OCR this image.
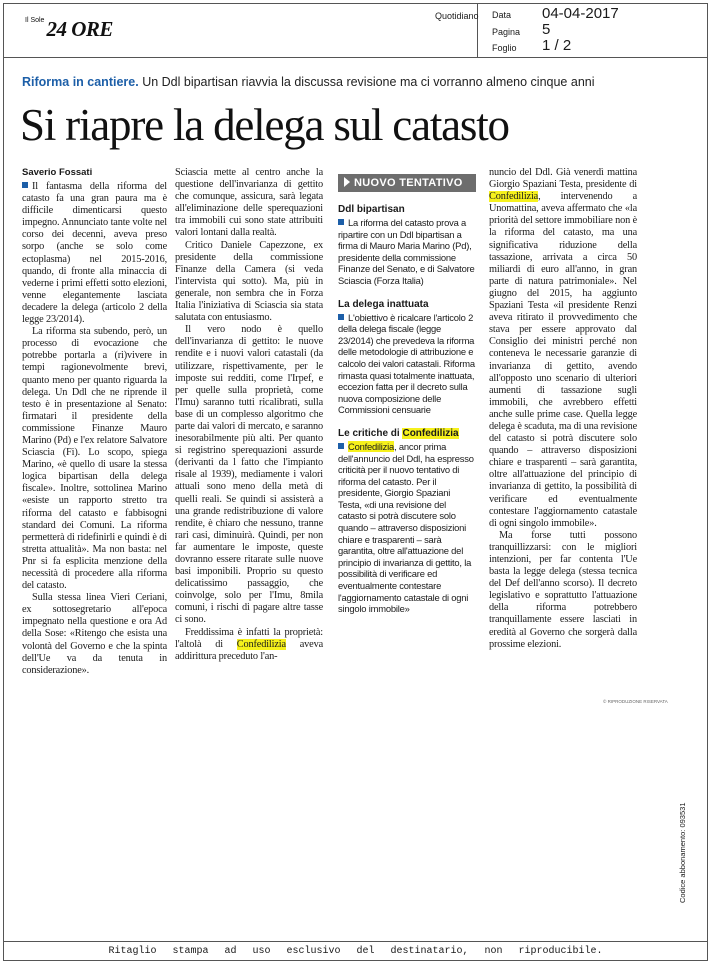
$^{Il Sole}$24 ORE
Quotidiano Data 04-04-2017
Pagina 5
Foglio 1 / 2
Riforma in cantiere. Un Ddl bipartisan riavvia la discussa revisione ma ci vorranno almeno cinque anni
Si riapre la delega sul catasto
Saverio Fossati

Il fantasma della riforma del catasto fa una gran paura ma è difficile dimenticarsi questo impegno. Annunciato tante volte nel corso dei decenni, aveva preso sorpo (anche se solo come ectoplasma) nel 2015-2016, quando, di fronte alla minaccia di vederne i primi effetti sotto elezioni, venne elegantemente lasciata decadere la delega (articolo 2 della legge 23/2014).

La riforma sta subendo, però, un processo di evocazione che potrebbe portarla a (ri)vivere in tempi ragionevolmente brevi, quanto meno per quanto riguarda la delega. Un Ddl che ne riprende il testo è in presentazione al Senato: firmatari il presidente della commissione Finanze Mauro Marino (Pd) e l'ex relatore Salvatore Sciascia (Fi). Lo scopo, spiega Marino, «è quello di usare la stessa logica bipartisan della delega fiscale». Inoltre, sottolinea Marino «esiste un rapporto stretto tra riforma del catasto e fabbisogni standard dei Comuni. La riforma permetterà di ridefinirli e quindi è di stretta attualità». Ma non basta: nel Pnr si fa esplicita menzione della necessità di procedere alla riforma del catasto.

Sulla stessa linea Vieri Ceriani, ex sottosegretario all'epoca impegnato nella questione e ora Ad della Sose: «Ritengo che esista una volontà del Governo e che la spinta dell'Ue va da tenuta in considerazione».

Sciascia mette al centro anche la questione dell'invarianza di gettito che comunque, assicura, sarà legata all'eliminazione delle sperequazioni tra immobili cui sono state attribuiti valori lontani dalla realtà.

Critico Daniele Capezzone, ex presidente della commissione Finanze della Camera (si veda l'intervista qui sotto). Ma, più in generale, non sembra che in Forza Italia l'iniziativa di Sciascia sia stata salutata con entusiasmo.

Il vero nodo è quello dell'invarianza di gettito: le nuove rendite e i nuovi valori catastali (da utilizzare, rispettivamente, per le imposte sui redditi, come l'Irpef, e per quelle sulla proprietà, come l'Imu) saranno tutti ricalibrati, sulla base di un complesso algoritmo che parte dai valori di mercato, e saranno inesorabilmente più alti. Per quanto si registrino sperequazioni assurde (derivanti da l fatto che l'impianto risale al 1939), mediamente i valori attuali sono meno della metà di quelli reali. Se quindi si assisterà a una grande redistribuzione di valore rendite, è chiaro che nessuno, tranne rari casi, diminuirà. Quindi, per non far aumentare le imposte, queste dovranno essere ritarate sulle nuove basi imponibili. Proprio su questo delicatissimo passaggio, che coinvolge, solo per l'Imu, 8mila comuni, i rischi di pagare altre tasse ci sono.

Freddissima è infatti la proprietà: l'altolà di Confedilizia aveva addirittura preceduto l'an-

NUOVO TENTATIVO
Ddl bipartisan
La riforma del catasto prova a ripartire con un Ddl bipartisan a firma di Mauro Maria Marino (Pd), presidente della commissione Finanze del Senato, e di Salvatore Sciascia (Forza Italia)
La delega inattuata
L'obiettivo è ricalcare l'articolo 2 della delega fiscale (legge 23/2014) che prevedeva la riforma delle metodologie di attribuzione e calcolo dei valori catastali. Riforma rimasta quasi totalmente inattuata, eccezion fatta per il decreto sulla nuova composizione delle Commissioni censuarie
Le critiche di Confedilizia
Confedilizia, ancor prima dell'annuncio del Ddl, ha espresso criticità per il nuovo tentativo di riforma del catasto. Per il presidente, Giorgio Spaziani Testa, «di una revisione del catasto si potrà discutere solo quando – attraverso disposizioni chiare e trasparenti – sarà garantita, oltre all'attuazione del principio di invarianza di gettito, la possibilità di verificare ed eventualmente contestare l'aggiornamento catastale di ogni singolo immobile»

nuncio del Ddl. Già venerdì mattina Giorgio Spaziani Testa, presidente di Confedilizia, intervenendo a Unomattina, aveva affermato che «la priorità del settore immobiliare non è la riforma del catasto, ma una significativa riduzione della tassazione, arrivata a circa 50 miliardi di euro all'anno, in gran parte di natura patrimoniale». Nel giugno del 2015, ha aggiunto Spaziani Testa «il presidente Renzi aveva ritirato il provvedimento che stava per essere approvato dal Consiglio dei ministri perché non conteneva le necessarie garanzie di invarianza di gettito, avendo all'opposto uno scenario di ulteriori aumenti di tassazione sugli immobili, che avrebbero effetti anche sulle prime case. Quella legge delega è scaduta, ma di una revisione del catasto si potrà discutere solo quando – attraverso disposizioni chiare e trasparenti – sarà garantita, oltre all'attuazione del principio di invarianza di gettito, la possibilità di verificare ed eventualmente contestare l'aggiornamento catastale di ogni singolo immobile».

Ma forse tutti possono tranquillizzarsi: con le migliori intenzioni, per far contenta l'Ue basta la legge delega (stessa tecnica del Def dell'anno scorso). Il decreto legislativo e soprattutto l'attuazione della riforma potrebbero tranquillamente essere lasciati in eredità al Governo che sorgerà dalla prossime elezioni.

© RIPRODUZIONE RISERVATA
Codice abbonamento: 093531
Ritaglio stampa ad uso esclusivo del destinatario, non riproducibile.
